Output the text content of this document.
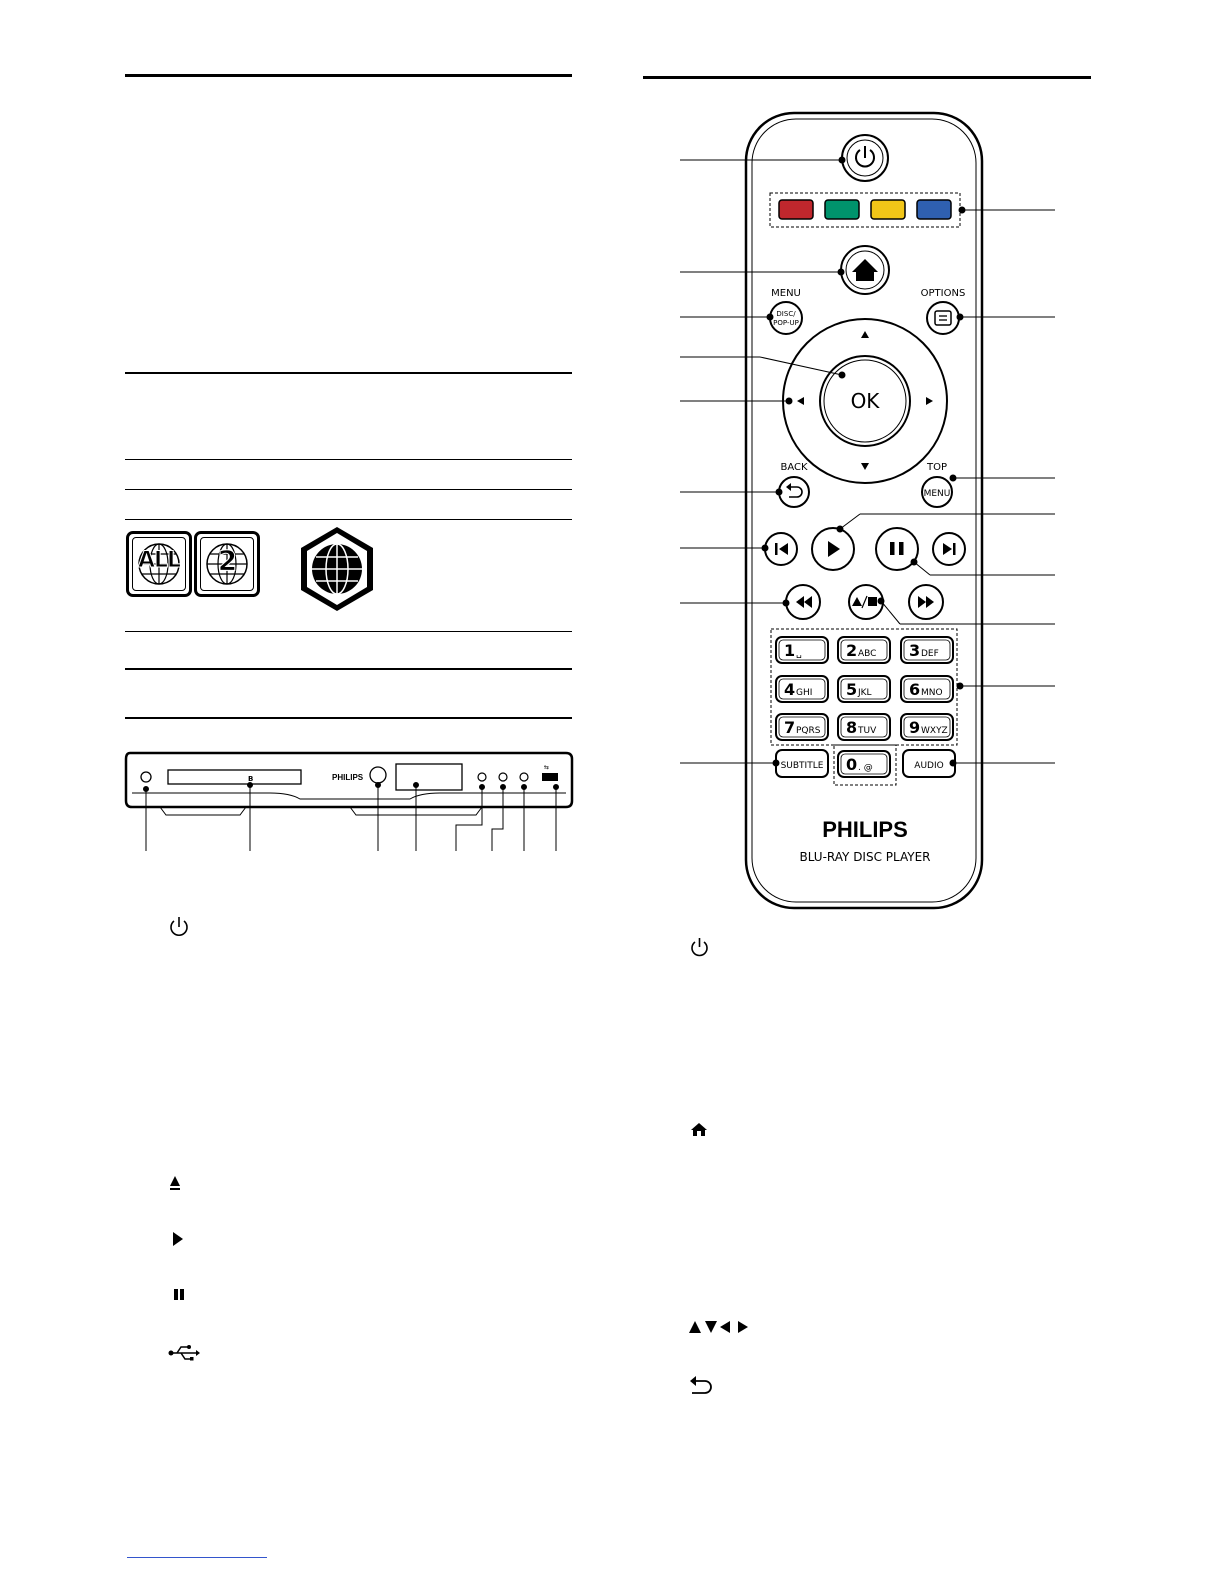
ALL	2
B	PHILIPS
⇆
MENU
DISC/
POP-UP
OPTIONS
OK
BACK	TOP
MENU
1 ␣	2 ABC 3 DEF
4 GHI 5 JKL 6 MNO
7 PQRS 8 TUV 9 WXYZ
0 . @
SUBTITLE	AUDIO
PHILIPS
BLU-RAY DISC PLAYER
